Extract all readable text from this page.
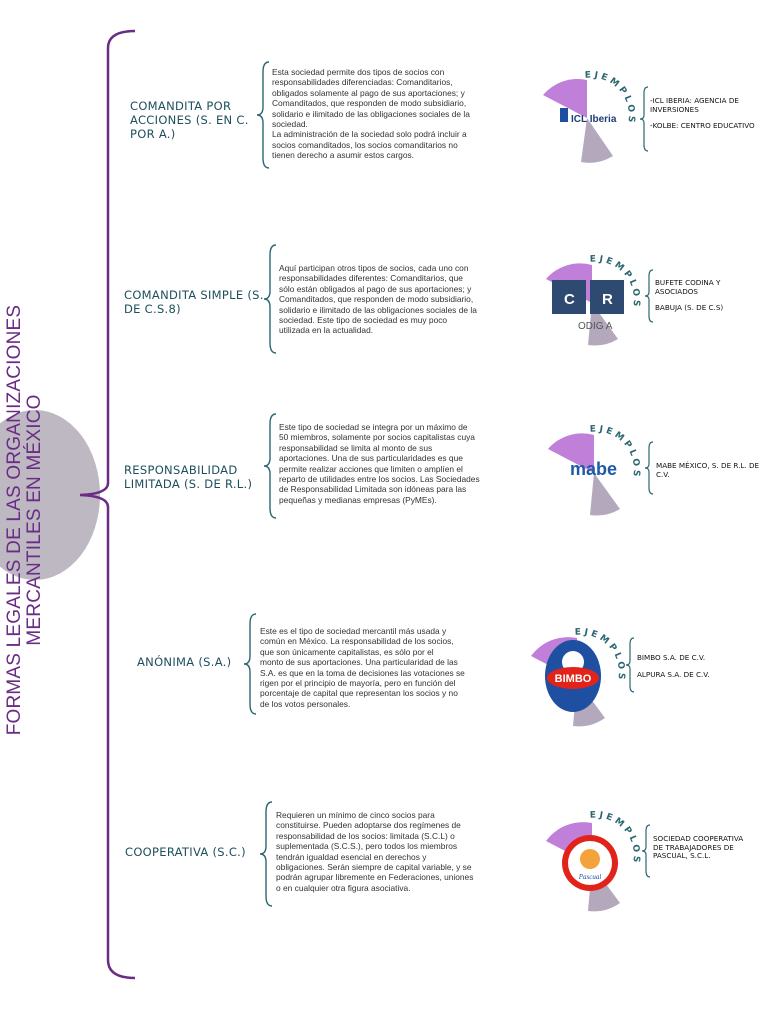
FORMAS LEGALES DE LAS ORGANIZACIONES MERCANTILES EN MÉXICO
COMANDITA POR ACCIONES (S. EN C. POR A.)
Esta sociedad permite dos tipos de socios con
responsabilidades diferenciadas: Comanditarios,
obligados solamente al pago de sus aportaciones; y
Comanditados, que responden de modo subsidiario,
solidario e ilimitado de las obligaciones sociales de la
sociedad.
La administración de la sociedad solo podrá incluir a
socios comanditados, los socios comanditarios no
tienen derecho a asumir estos cargos.
ICL Iberia
EJEMPLOS
-ICL IBERIA: AGENCIA DE INVERSIONES
-KOLBE: CENTRO EDUCATIVO
COMANDITA SIMPLE (S. DE C.S.8)
Aquí participan otros tipos de socios, cada uno con
responsabilidades diferentes: Comanditarios, que
sólo están obligados al pago de sus aportaciones; y
Comanditados, que responden de modo subsidiario,
solidario e ilimitado de las obligaciones sociales de la
sociedad. Este tipo de sociedad es muy poco
utilizada en la actualidad.
C R
ODIG A
EJEMPLOS
BUFETE CODINA Y ASOCIADOS
BABUJA (S. DE C.S)
RESPONSABILIDAD LIMITADA (S. DE R.L.)
Este tipo de sociedad se integra por un máximo de
50 miembros, solamente por socios capitalistas cuya
responsabilidad se limita al monto de sus
aportaciones. Una de sus particularidades es que
permite realizar acciones que limiten o amplíen el
reparto de utilidades entre los socios. Las Sociedades
de Responsabilidad Limitada son idóneas para las
pequeñas y medianas empresas (PyMEs).
mabe
EJEMPLOS
MABE MÉXICO, S. DE R.L. DE C.V.
ANÓNIMA (S.A.)
Este es el tipo de sociedad mercantil más usada y
común en México. La responsabilidad de los socios,
que son únicamente capitalistas, es sólo por el
monto de sus aportaciones. Una particularidad de las
S.A. es que en la toma de decisiones las votaciones se
rigen por el principio de mayoría, pero en función del
porcentaje de capital que representan los socios y no
de los votos personales.
BIMBO
EJEMPLOS
BIMBO S.A. DE C.V.
ALPURA S.A. DE C.V.
COOPERATIVA (S.C.)
Requieren un mínimo de cinco socios para
constituirse. Pueden adoptarse dos regímenes de
responsabilidad de los socios: limitada (S.C.L) o
suplementada (S.C.S.), pero todos los miembros
tendrán igualdad esencial en derechos y
obligaciones. Serán siempre de capital variable, y se
podrán agrupar libremente en Federaciones, uniones
o en cualquier otra figura asociativa.
Pascual
EJEMPLOS
SOCIEDAD COOPERATIVA DE TRABAJADORES DE PASCUAL, S.C.L.
